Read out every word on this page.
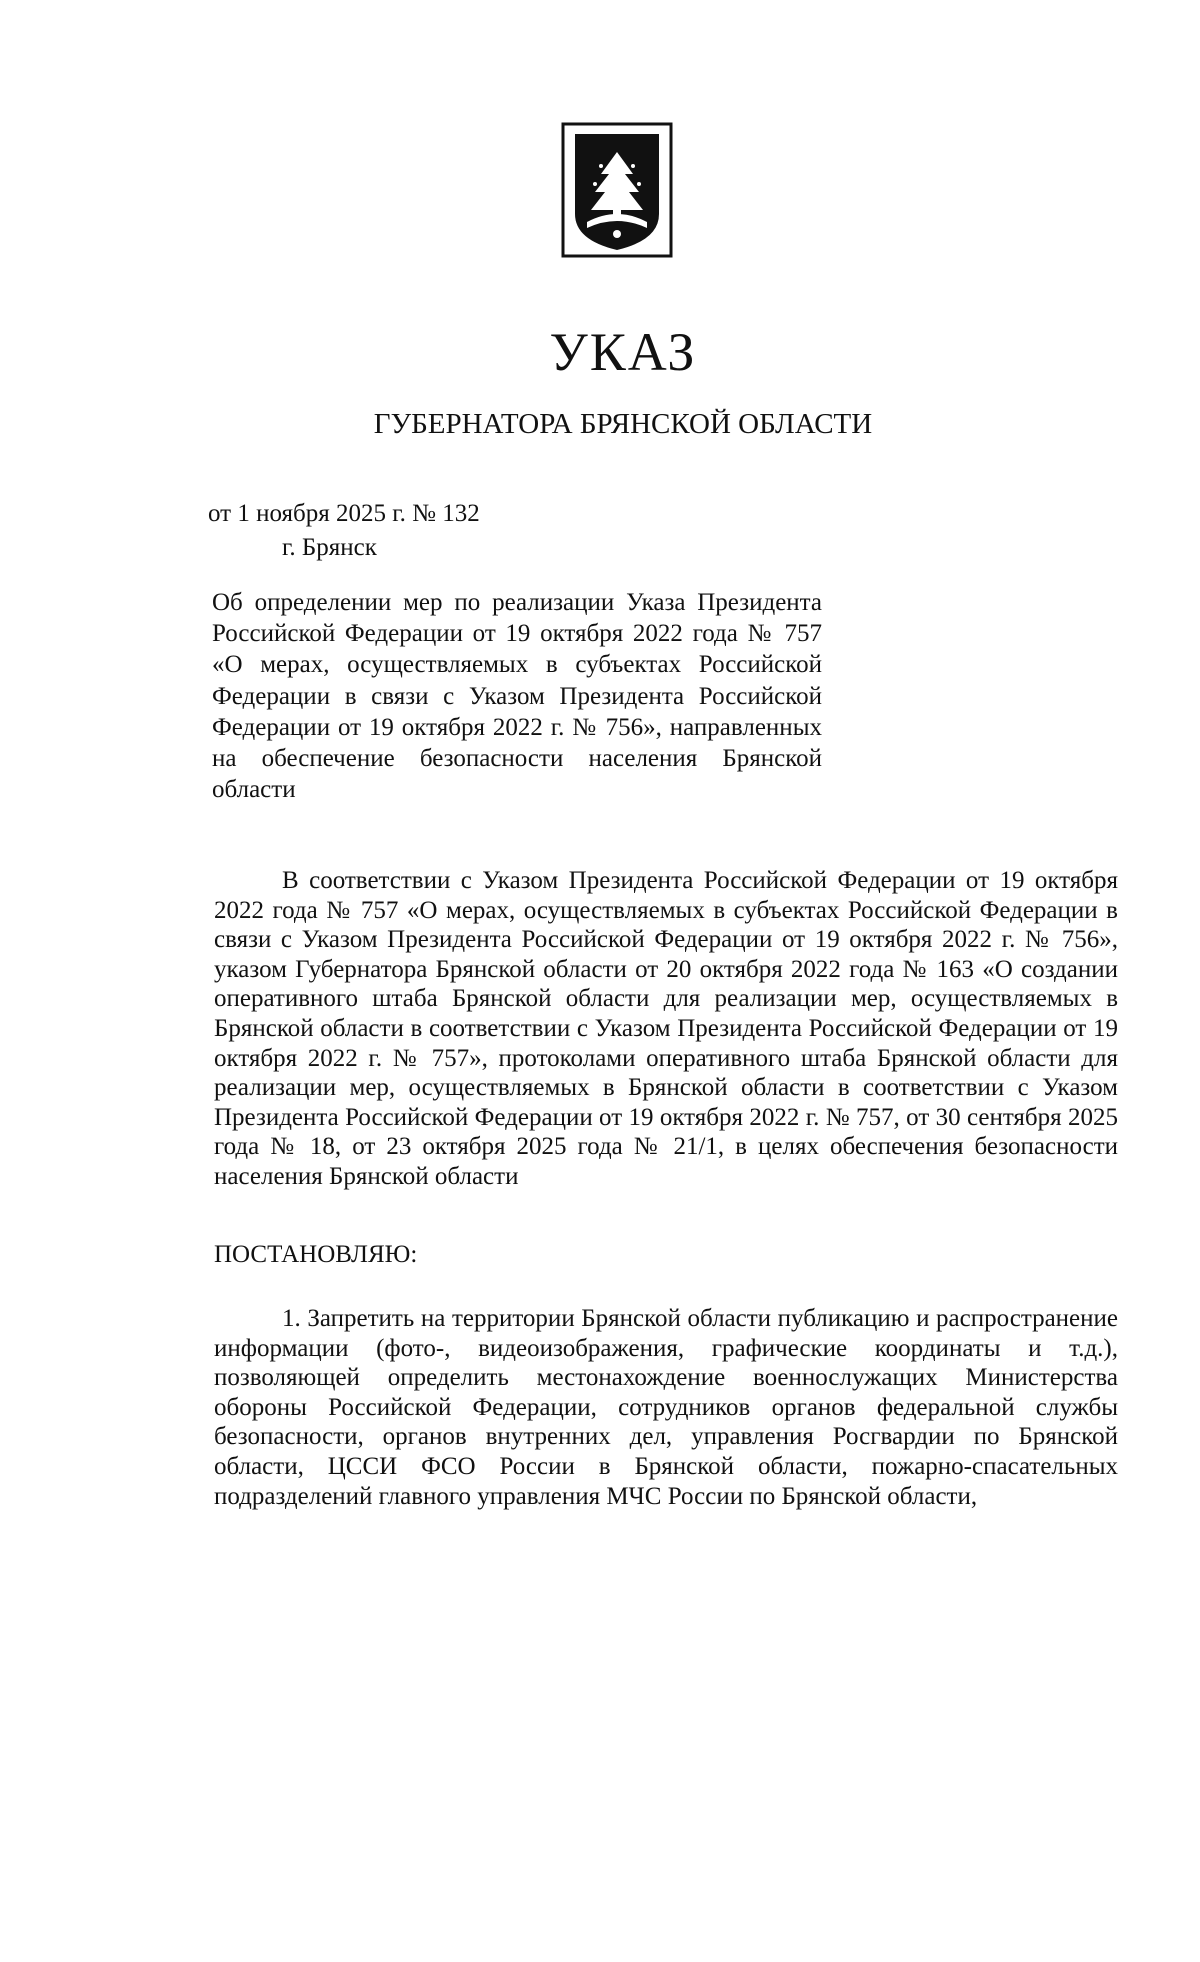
УКАЗ
ГУБЕРНАТОРА БРЯНСКОЙ ОБЛАСТИ
от 1 ноября 2025 г. № 132
г. Брянск
Об определении мер по реализации Указа Президента Российской Федерации от 19 октября 2022 года № 757 «О мерах, осуществляемых в субъектах Российской Федерации в связи с Указом Президента Российской Федерации от 19 октября 2022 г. № 756», направленных на обеспечение безопасности населения Брянской области
В соответствии с Указом Президента Российской Федерации от 19 октября 2022 года № 757 «О мерах, осуществляемых в субъектах Российской Федерации в связи с Указом Президента Российской Федерации от 19 октября 2022 г. № 756», указом Губернатора Брянской области от 20 октября 2022 года № 163 «О создании оперативного штаба Брянской области для реализации мер, осуществляемых в Брянской области в соответствии с Указом Президента Российской Федерации от 19 октября 2022 г. № 757», протоколами оперативного штаба Брянской области для реализации мер, осуществляемых в Брянской области в соответствии с Указом Президента Российской Федерации от 19 октября 2022 г. № 757, от 30 сентября 2025 года № 18, от 23 октября 2025 года № 21/1, в целях обеспечения безопасности населения Брянской области
ПОСТАНОВЛЯЮ:
1. Запретить на территории Брянской области публикацию и распространение информации (фото-, видеоизображения, графические координаты и т.д.), позволяющей определить местонахождение военнослужащих Министерства обороны Российской Федерации, сотрудников органов федеральной службы безопасности, органов внутренних дел, управления Росгвардии по Брянской области, ЦССИ ФСО России в Брянской области, пожарно-спасательных подразделений главного управления МЧС России по Брянской области,
